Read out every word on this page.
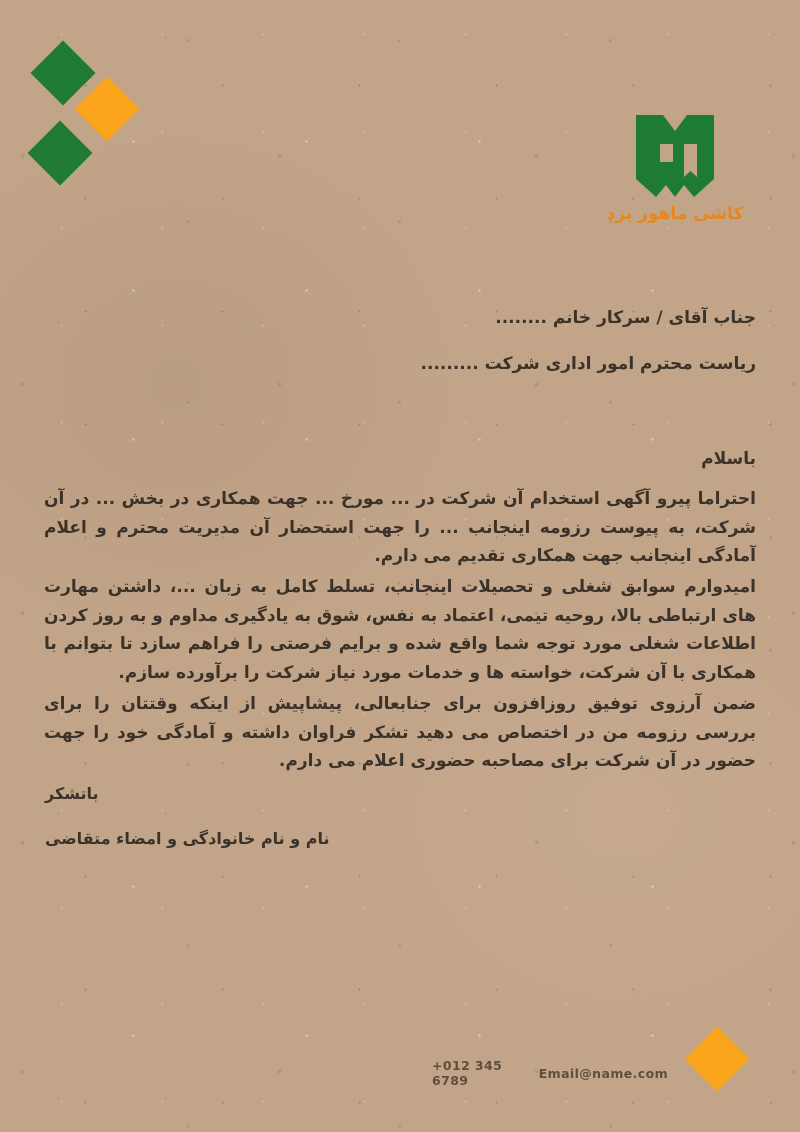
کاشی ماهور یزد
جناب آقای / سرکار خانم ........
ریاست محترم امور اداری شرکت .........
باسلام
احتراما پیرو آگهی استخدام آن شرکت در ... مورخ ... جهت همکاری در بخش ... در آن شرکت، به پیوست رزومه اینجانب ... را جهت استحضار آن مدیریت محترم و اعلام آمادگی اینجانب جهت همکاری تقدیم می دارم.
امیدوارم سوابق شغلی و تحصیلات اینجانب، تسلط کامل به زبان ...، داشتن مهارت های ارتباطی بالا، روحیه تیمی، اعتماد به نفس، شوق به یادگیری مداوم و به روز کردن اطلاعات شغلی مورد توجه شما واقع شده و برایم فرصتی را فراهم سازد تا بتوانم با همکاری با آن شرکت، خواسته ها و خدمات مورد نیاز شرکت را برآورده سازم.
ضمن آرزوی توفیق روزافزون برای جنابعالی، پیشاپیش از اینکه وقتتان را برای بررسی رزومه من در اختصاص می دهید تشکر فراوان داشته و آمادگی خود را جهت حضور در آن شرکت برای مصاحبه حضوری اعلام می دارم.
باتشکر
نام و نام خانوادگی و امضاء متقاضی
+012 345 6789	Email@name.com
